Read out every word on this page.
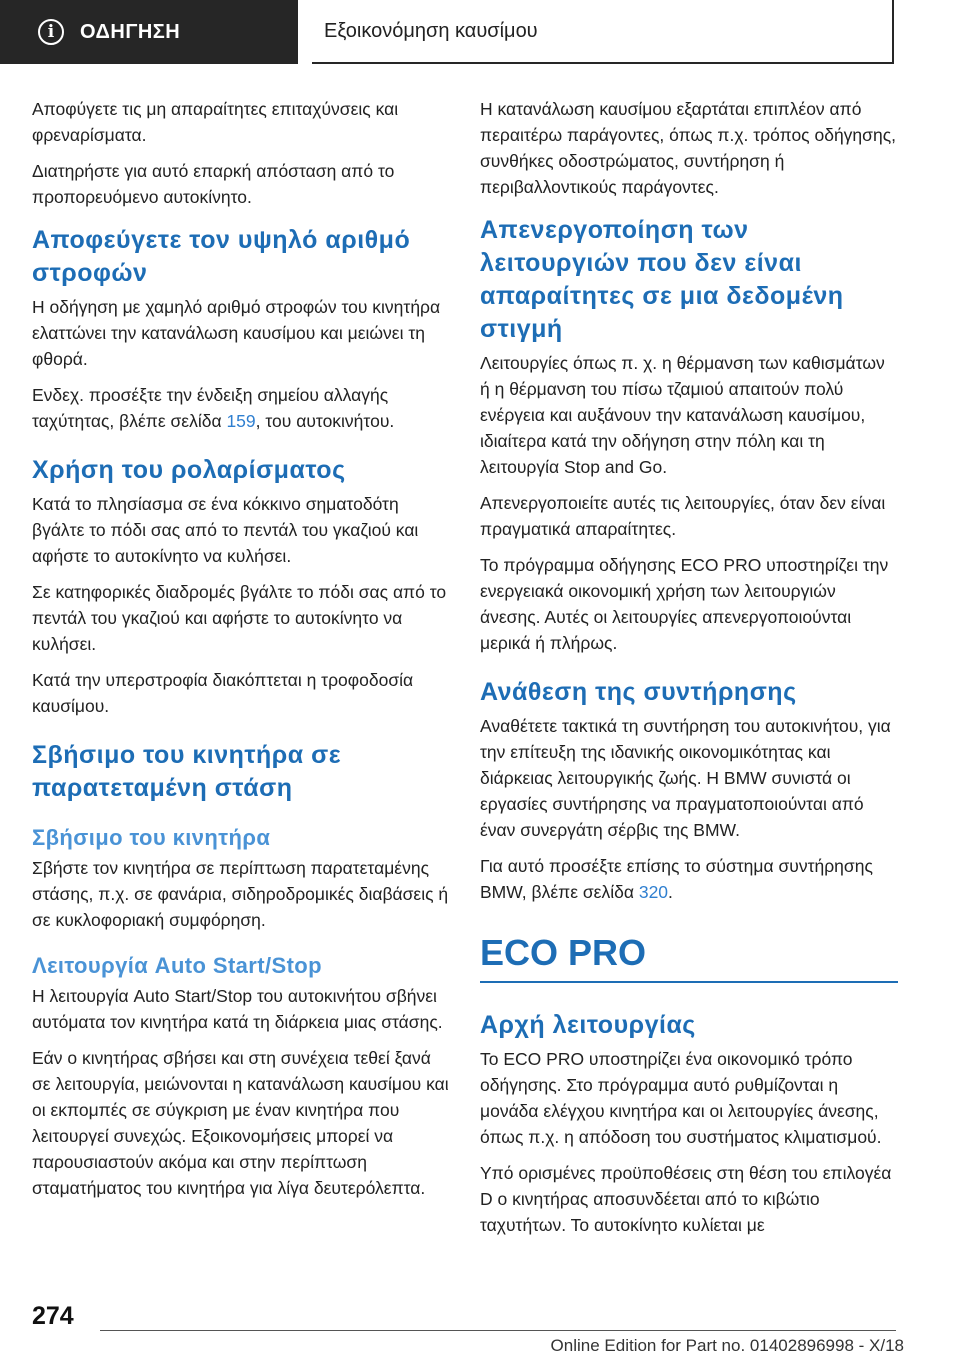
i	ΟΔΗΓΗΣΗ	Εξοικονόμηση καυσίμου

Αποφύγετε τις μη απαραίτητες επιταχύνσεις και φρεναρίσματα.

Διατηρήστε για αυτό επαρκή απόσταση από το προπορευόμενο αυτοκίνητο.

Αποφεύγετε τον υψηλό αριθμό στροφών

Η οδήγηση με χαμηλό αριθμό στροφών του κινητήρα ελαττώνει την κατανάλωση καυσίμου και μειώνει τη φθορά.

Ενδεχ. προσέξτε την ένδειξη σημείου αλλαγής ταχύτητας, βλέπε σελίδα 159, του αυτοκινήτου.

Χρήση του ρολαρίσματος

Κατά το πλησίασμα σε ένα κόκκινο σηματοδότη βγάλτε το πόδι σας από το πεντάλ του γκαζιού και αφήστε το αυτοκίνητο να κυλήσει.

Σε κατηφορικές διαδρομές βγάλτε το πόδι σας από το πεντάλ του γκαζιού και αφήστε το αυτοκίνητο να κυλήσει.

Κατά την υπερστροφία διακόπτεται η τροφοδοσία καυσίμου.

Σβήσιμο του κινητήρα σε παρατεταμένη στάση
Σβήσιμο του κινητήρα

Σβήστε τον κινητήρα σε περίπτωση παρατεταμένης στάσης, π.χ. σε φανάρια, σιδηροδρομικές διαβάσεις ή σε κυκλοφοριακή συμφόρηση.

Λειτουργία Auto Start/Stop

Η λειτουργία Auto Start/Stop του αυτοκινήτου σβήνει αυτόματα τον κινητήρα κατά τη διάρκεια μιας στάσης.

Εάν ο κινητήρας σβήσει και στη συνέχεια τεθεί ξανά σε λειτουργία, μειώνονται η κατανάλωση καυσίμου και οι εκπομπές σε σύγκριση με έναν κινητήρα που λειτουργεί συνεχώς. Εξοικονομήσεις μπορεί να παρουσιαστούν ακόμα και στην περίπτωση σταματήματος του κινητήρα για λίγα δευτερόλεπτα.

Η κατανάλωση καυσίμου εξαρτάται επιπλέον από περαιτέρω παράγοντες, όπως π.χ. τρόπος οδήγησης, συνθήκες οδοστρώματος, συντήρηση ή περιβαλλοντικούς παράγοντες.

Απενεργοποίηση των λειτουργιών που δεν είναι απαραίτητες σε μια δεδομένη στιγμή

Λειτουργίες όπως π. χ. η θέρμανση των καθισμάτων ή η θέρμανση του πίσω τζαμιού απαιτούν πολύ ενέργεια και αυξάνουν την κατανάλωση καυσίμου, ιδιαίτερα κατά την οδήγηση στην πόλη και τη λειτουργία Stop and Go.

Απενεργοποιείτε αυτές τις λειτουργίες, όταν δεν είναι πραγματικά απαραίτητες.

Το πρόγραμμα οδήγησης ECO PRO υποστηρίζει την ενεργειακά οικονομική χρήση των λειτουργιών άνεσης. Αυτές οι λειτουργίες απενεργοποιούνται μερικά ή πλήρως.

Ανάθεση της συντήρησης

Αναθέτετε τακτικά τη συντήρηση του αυτοκινήτου, για την επίτευξη της ιδανικής οικονομικότητας και διάρκειας λειτουργικής ζωής. Η BMW συνιστά οι εργασίες συντήρησης να πραγματοποιούνται από έναν συνεργάτη σέρβις της BMW.

Για αυτό προσέξτε επίσης το σύστημα συντήρησης BMW, βλέπε σελίδα 320.

ECO PRO
Αρχή λειτουργίας

Το ECO PRO υποστηρίζει ένα οικονομικό τρόπο οδήγησης. Στο πρόγραμμα αυτό ρυθμίζονται η μονάδα ελέγχου κινητήρα και οι λειτουργίες άνεσης, όπως π.χ. η απόδοση του συστήματος κλιματισμού.

Υπό ορισμένες προϋποθέσεις στη θέση του επιλογέα D ο κινητήρας αποσυνδέεται από το κιβώτιο ταχυτήτων. Το αυτοκίνητο κυλίεται με

274
Online Edition for Part no. 01402896998 - X/18
